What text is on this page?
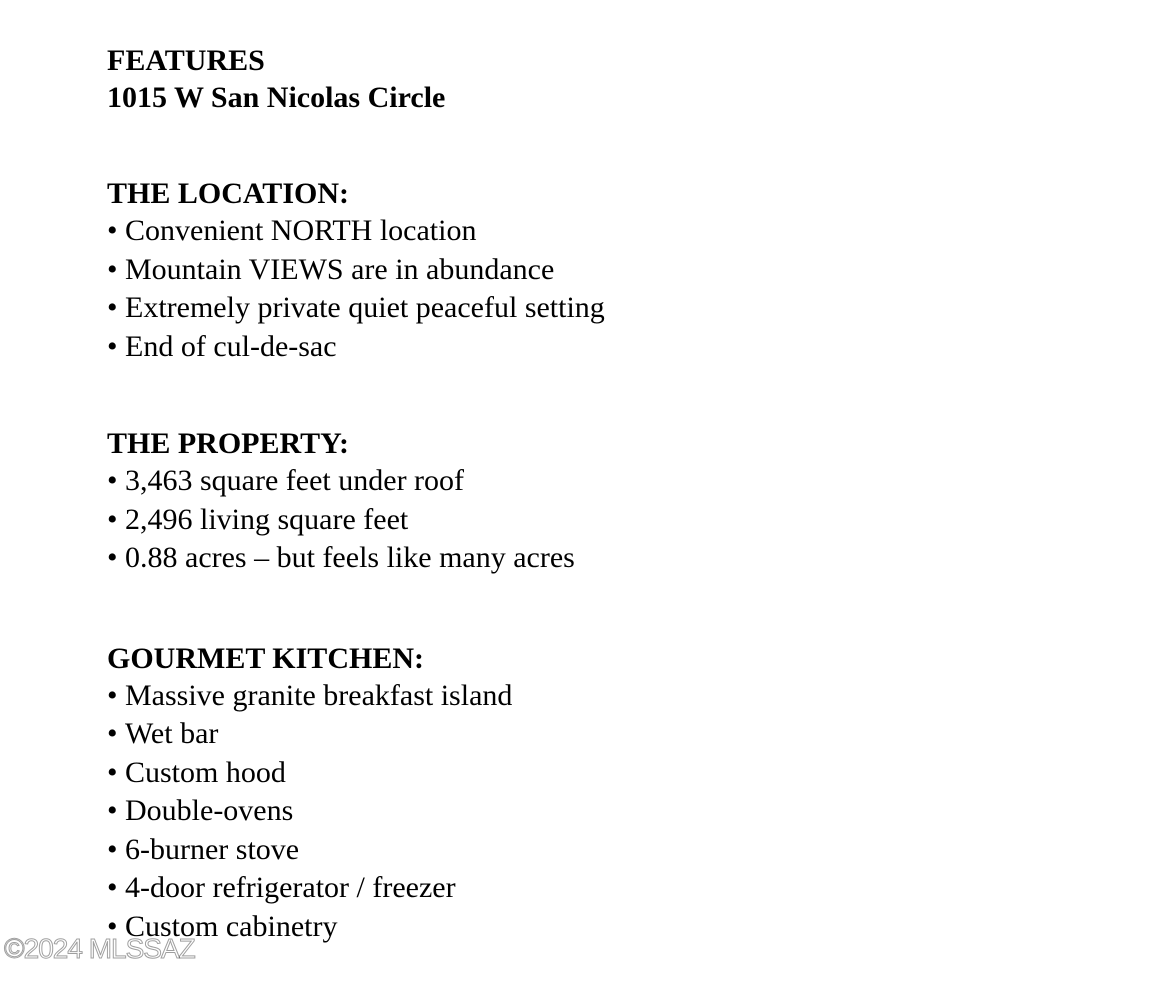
FEATURES

1015 W San Nicolas Circle

THE LOCATION:

• Convenient NORTH location
• Mountain VIEWS are in abundance
• Extremely private quiet peaceful setting
• End of cul-de-sac

THE PROPERTY:

• 3,463 square feet under roof
• 2,496 living square feet
• 0.88 acres – but feels like many acres

GOURMET KITCHEN:

• Massive granite breakfast island
• Wet bar
• Custom hood
• Double-ovens
• 6-burner stove
• 4-door refrigerator / freezer
• Custom cabinetry
©2024 MLSSAZ
